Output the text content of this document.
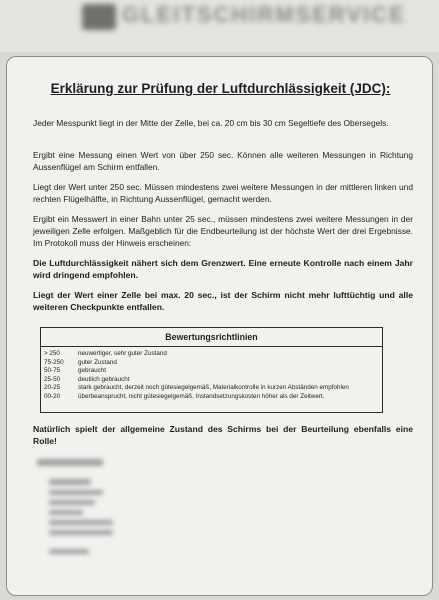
GLEITSCHIRMSERVICE
Erklärung zur Prüfung der Luftdurchlässigkeit (JDC):

Jeder Messpunkt liegt in der Mitte der Zelle, bei ca. 20 cm bis 30 cm Segeltiefe des Obersegels.

Ergibt eine Messung einen Wert von über 250 sec. Können alle weiteren Messungen in Richtung Aussenflügel am Schirm entfallen.

Liegt der Wert unter 250 sec. Müssen mindestens zwei weitere Messungen in der mittleren linken und rechten Flügelhälfte, in Richtung Aussenflügel, gemacht werden.

Ergibt ein Messwert in einer Bahn unter 25 sec., müssen mindestens zwei weitere Messungen in der jeweiligen Zelle erfolgen. Maßgeblich für die Endbeurteilung ist der höchste Wert der drei Ergebnisse. Im Protokoll muss der Hinweis erscheinen:

Die Luftdurchlässigkeit nähert sich dem Grenzwert. Eine erneute Kontrolle nach einem Jahr wird dringend empfohlen.

Liegt der Wert einer Zelle bei max. 20 sec., ist der Schirm nicht mehr lufttüchtig und alle weiteren Checkpunkte entfallen.

Bewertungsrichtlinien

> 250	neuwertiger, sehr guter Zustand
75-250	guter Zustand
50-75	gebraucht
25-50	deutlich gebraucht
20-25	stark gebraucht, derzeit noch gütesiegelgemäß, Materialkontrolle in kurzen Abständen empfohlen
00-20	überbeansprucht, nicht gütesiegelgemäß, Instandsetzungskosten höher als der Zeitwert.

Natürlich spielt der allgemeine Zustand des Schirms bei der Beurteilung ebenfalls eine Rolle!
